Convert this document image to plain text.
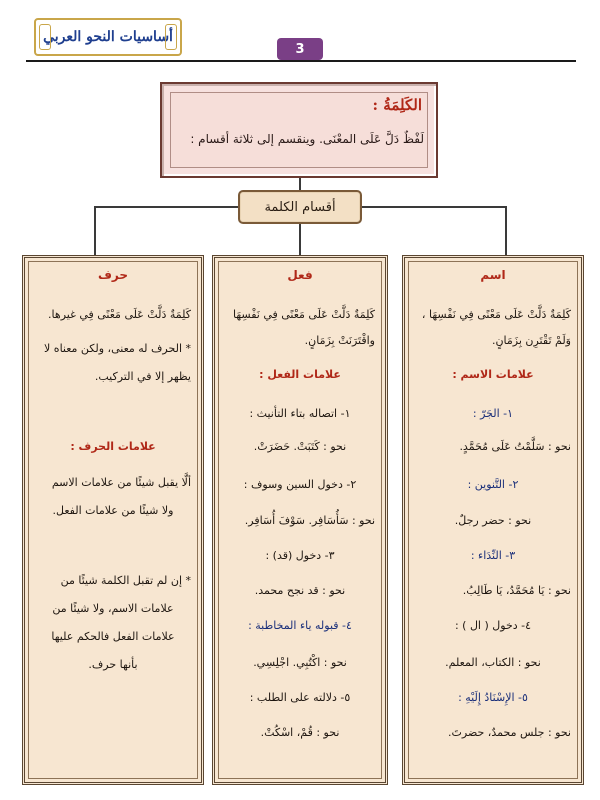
أساسيات النحو العربي
3
الكَلِمَةُ :
لَفْظٌ دَلَّ عَلَى المعْنَى. وينقسم إلى ثلاثة أقسام :
أقسام الكلمة
اسم
كَلِمَةٌ دَلَّتْ عَلَى مَعْنًى فِي نَفْسِهَا ،
وَلَمْ تَقْتَرِن بِزَمَانٍ.
علامات الاسم :
١- الجَرّ :
نحو : سَلَّمْتُ عَلَى مُحَمَّدٍ.
٢- التَّنوين :
نحو : حضر رجلٌ.
٣- النِّدَاء :
نحو : يَا مُحَمَّدُ، يَا طَالِبُ.
٤- دخول ( ال ) :
نحو : الكتاب، المعلم.
٥- الإِسْنَادُ إِلَيْهِ :
نحو : جلس محمدٌ، حضرتَ.
فعل
كَلِمَةٌ دَلَّتْ عَلَى مَعْنًى فِي نَفْسِهَا
واقْتَرَنَتْ بِزَمَانٍ.
علامات الفعل :
١- اتصاله بتاء التأنيث :
نحو : كَتَبَتْ. حَضَرَتْ.
٢- دخول السين وسوف :
نحو : سَأُسَافِر. سَوْفَ أُسَافِر.
٣- دخول (قد) :
نحو : قد نجح محمد.
٤- قبوله ياء المخاطبة :
نحو : اكْتُبِي. اجْلِسِي.
٥- دلالته على الطلب :
نحو : قُمْ، اسْكُتْ.
حرف
كَلِمَةٌ دَلَّتْ عَلَى مَعْنًى فِي غيرها.
* الحرف له معنى، ولكن معناه لا
يظهر إلا في التركيب.
علامات الحرف :
ألَّا يقبل شيئًا من علامات الاسم
ولا شيئًا من علامات الفعل.
* إن لم تقبل الكلمة شيئًا من
علامات الاسم، ولا شيئًا من
علامات الفعل فالحكم عليها
بأنها حرف.
